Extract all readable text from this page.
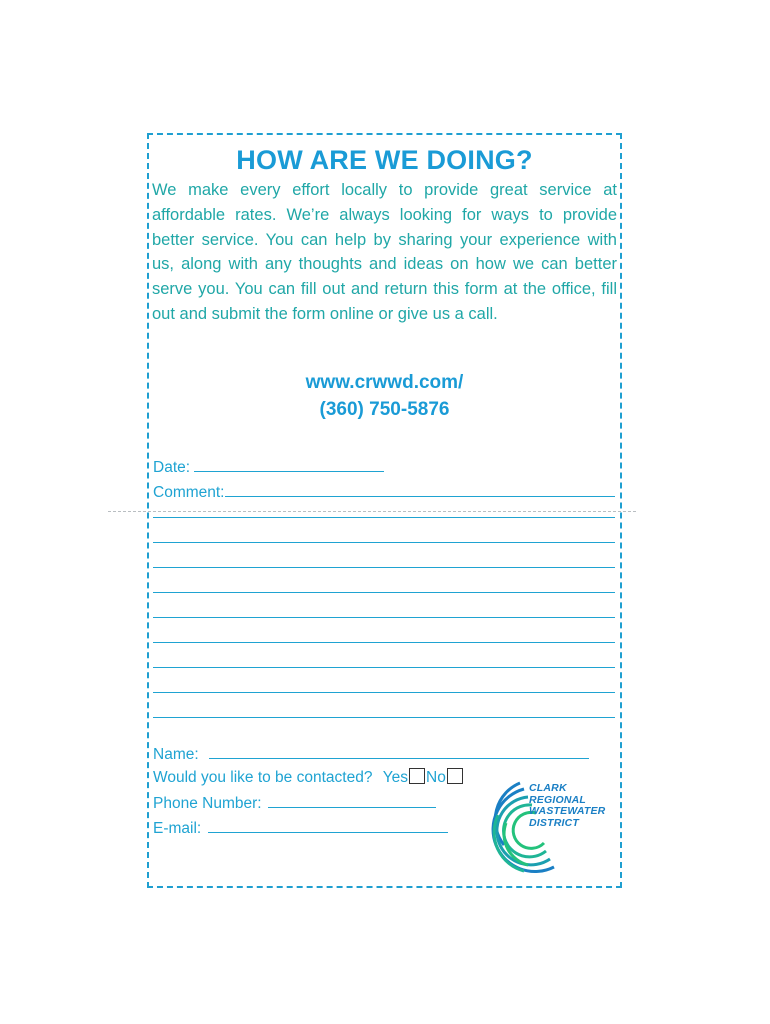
HOW ARE WE DOING?
We make every effort locally to provide great service at affordable rates. We’re always looking for ways to provide better service. You can help by sharing your experience with us, along with any thoughts and ideas on how we can better serve you. You can fill out and return this form at the office, fill out and submit the form online or give us a call.
www.crwwd.com/
(360) 750-5876
Date:
Comment:
Name:
Would you like to be contacted? Yes No
Phone Number:
E-mail:
CLARK
REGIONAL
WASTEWATER
DISTRICT
